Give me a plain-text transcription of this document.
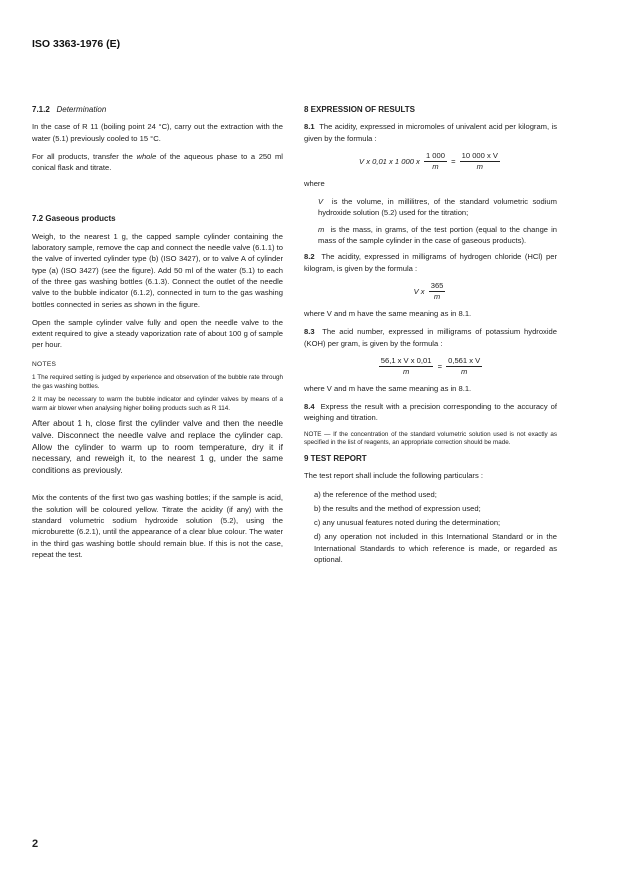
ISO 3363-1976 (E)
7.1.2 Determination

In the case of R 11 (boiling point 24 °C), carry out the extraction with the water (5.1) previously cooled to 15 °C.

For all products, transfer the whole of the aqueous phase to a 250 ml conical flask and titrate.

7.2 Gaseous products

Weigh, to the nearest 1 g, the capped sample cylinder containing the laboratory sample, remove the cap and connect the needle valve (6.1.1) to the valve of inverted cylinder type (b) (ISO 3427), or to valve A of cylinder type (a) (ISO 3427) (see the figure). Add 50 ml of the water (5.1) to each of the three gas washing bottles (6.1.3). Connect the outlet of the needle valve to the bubble indicator (6.1.2), connected in turn to the gas washing bottles connected in series as shown in the figure.

Open the sample cylinder valve fully and open the needle valve to the extent required to give a steady vaporization rate of about 100 g of sample per hour.

NOTES

1 The required setting is judged by experience and observation of the bubble rate through the gas washing bottles.

2 It may be necessary to warm the bubble indicator and cylinder valves by means of a warm air blower when analysing higher boiling products such as R 114.

After about 1 h, close first the cylinder valve and then the needle valve. Disconnect the needle valve and replace the cylinder cap. Allow the cylinder to warm up to room temperature, dry it if necessary, and reweigh it, to the nearest 1 g, under the same conditions as previously.

Mix the contents of the first two gas washing bottles; if the sample is acid, the solution will be coloured yellow. Titrate the acidity (if any) with the standard volumetric sodium hydroxide solution (5.2), using the microburette (6.2.1), until the appearance of a clear blue colour. The water in the third gas washing bottle should remain blue. If this is not the case, repeat the test.

8 EXPRESSION OF RESULTS

8.1 The acidity, expressed in micromoles of univalent acid per kilogram, is given by the formula :

V x 0,01 x 1 000 x $\frac{1 000}{m} = \frac{\text{10 000 x V}}{m}$

where

V is the volume, in millilitres, of the standard volumetric sodium hydroxide solution (5.2) used for the titration;

m is the mass, in grams, of the test portion (equal to the change in mass of the sample cylinder in the case of gaseous products).

8.2 The acidity, expressed in milligrams of hydrogen chloride (HCl) per kilogram, is given by the formula :

V x $\frac{365}{m}$

where V and m have the same meaning as in 8.1.

8.3 The acid number, expressed in milligrams of potassium hydroxide (KOH) per gram, is given by the formula :

$\frac{\text{56,1 x V x 0,01}}{m} = \frac{\text{0,561 x V}}{m}$

where V and m have the same meaning as in 8.1.

8.4 Express the result with a precision corresponding to the accuracy of weighing and titration.

NOTE — If the concentration of the standard volumetric solution used is not exactly as specified in the list of reagents, an appropriate correction should be made.

9 TEST REPORT

The test report shall include the following particulars :

a) the reference of the method used;

b) the results and the method of expression used;

c) any unusual features noted during the determination;

d) any operation not included in this International Standard or in the International Standards to which reference is made, or regarded as optional.

2
